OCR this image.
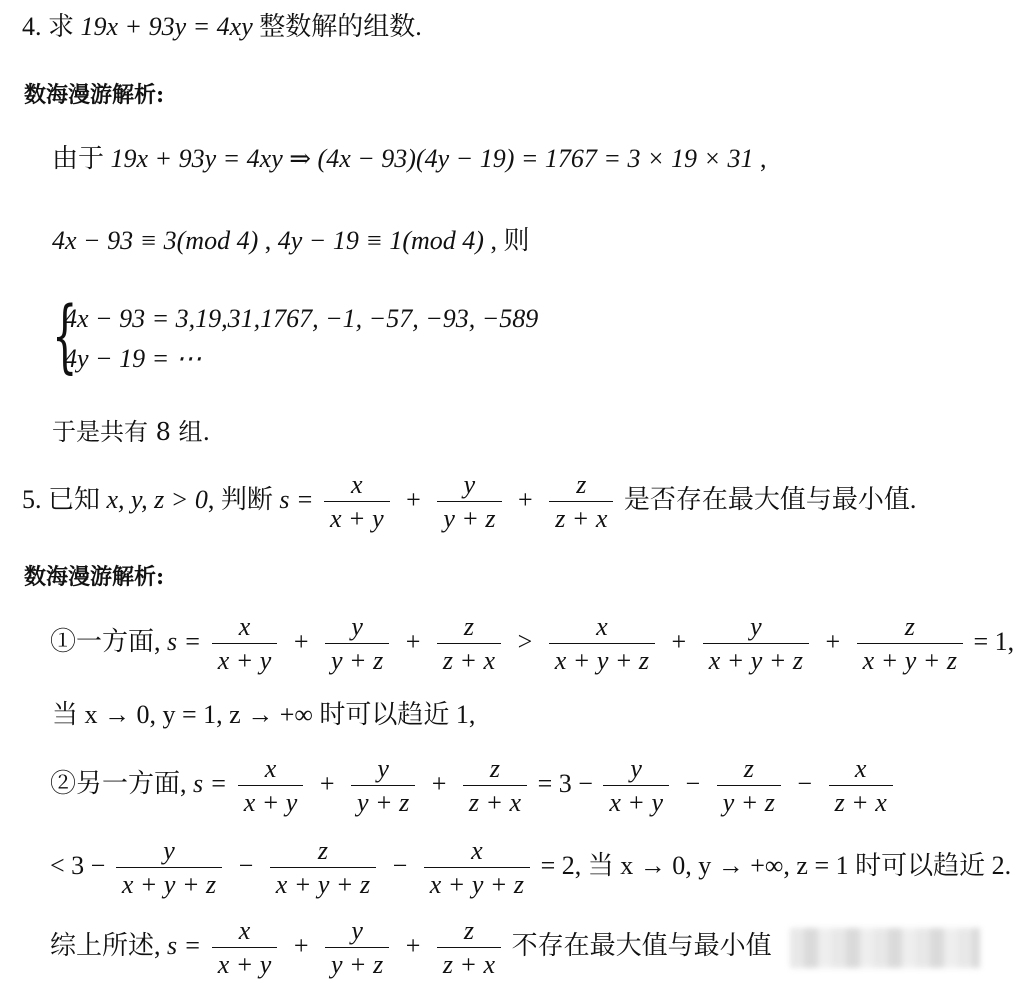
4. 求 19x + 93y = 4xy 整数解的组数.
数海漫游解析:
由于 19x + 93y = 4xy ⇒ (4x − 93)(4y − 19) = 1767 = 3 × 19 × 31 ,
4x − 93 ≡ 3(mod 4) , 4y − 19 ≡ 1(mod 4) , 则
{
4x − 93 = 3,19,31,1767, −1, −57, −93, −589
4y − 19 = ⋯
于是共有 8 组.
5. 已知 x, y, z > 0, 判断 $s = \frac{x}{x + y} + \frac{y}{y + z} + \frac{z}{z + x}$ 是否存在最大值与最小值.
数海漫游解析:
①一方面, $s = \frac{x}{x + y} + \frac{y}{y + z} + \frac{z}{z + x} > \frac{x}{x + y + z} + \frac{y}{x + y + z} + \frac{z}{x + y + z} = 1$,
当 x → 0, y = 1, z → +∞ 时可以趋近 1,
②另一方面, $s = \frac{x}{x + y} + \frac{y}{y + z} + \frac{z}{z + x} = 3 - \frac{y}{x + y} - \frac{z}{y + z} - \frac{x}{z + x}$
< $3 - \frac{y}{x + y + z} - \frac{z}{x + y + z} - \frac{x}{x + y + z} = 2$, 当 x → 0, y → +∞, z = 1 时可以趋近 2.
综上所述, $s = \frac{x}{x + y} + \frac{y}{y + z} + \frac{z}{z + x}$ 不存在最大值与最小值
